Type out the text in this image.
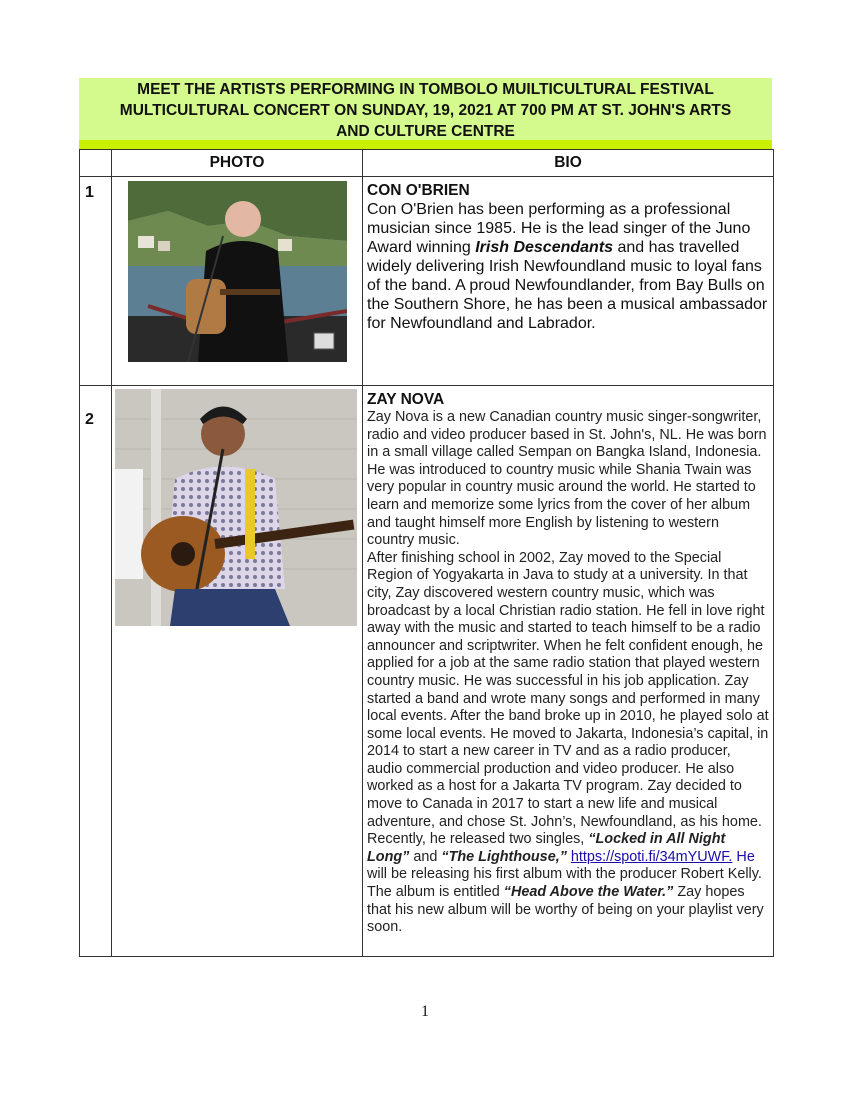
MEET THE ARTISTS PERFORMING IN TOMBOLO MUILTICULTURAL FESTIVAL
MULTICULTURAL CONCERT ON SUNDAY, 19, 2021 AT 700 PM AT ST. JOHN'S ARTS
AND CULTURE CENTRE
	PHOTO	BIO
1		CON O'BRIEN
Con O'Brien has been performing as a professional musician since 1985. He is the lead singer of the Juno Award winning Irish Descendants and has travelled widely delivering Irish Newfoundland music to loyal fans of the band. A proud Newfoundlander, from Bay Bulls on the Southern Shore, he has been a musical ambassador for Newfoundland and Labrador.
2		ZAY NOVA
Zay Nova is a new Canadian country music singer-songwriter, radio and video producer based in St. John's, NL. He was born in a small village called Sempan on Bangka Island, Indonesia. He was introduced to country music while Shania Twain was very popular in country music around the world. He started to learn and memorize some lyrics from the cover of her album and taught himself more English by listening to western country music.
After finishing school in 2002, Zay moved to the Special Region of Yogyakarta in Java to study at a university. In that city, Zay discovered western country music, which was broadcast by a local Christian radio station. He fell in love right away with the music and started to teach himself to be a radio announcer and scriptwriter. When he felt confident enough, he applied for a job at the same radio station that played western country music. He was successful in his job application. Zay started a band and wrote many songs and performed in many local events. After the band broke up in 2010, he played solo at some local events. He moved to Jakarta, Indonesia’s capital, in 2014 to start a new career in TV and as a radio producer, audio commercial production and video producer. He also worked as a host for a Jakarta TV program. Zay decided to move to Canada in 2017 to start a new life and musical adventure, and chose St. John’s, Newfoundland, as his home. Recently, he released two singles, “Locked in All Night Long” and “The Lighthouse,” https://spoti.fi/34mYUWF. He will be releasing his first album with the producer Robert Kelly. The album is entitled “Head Above the Water.” Zay hopes that his new album will be worthy of being on your playlist very soon.
1
